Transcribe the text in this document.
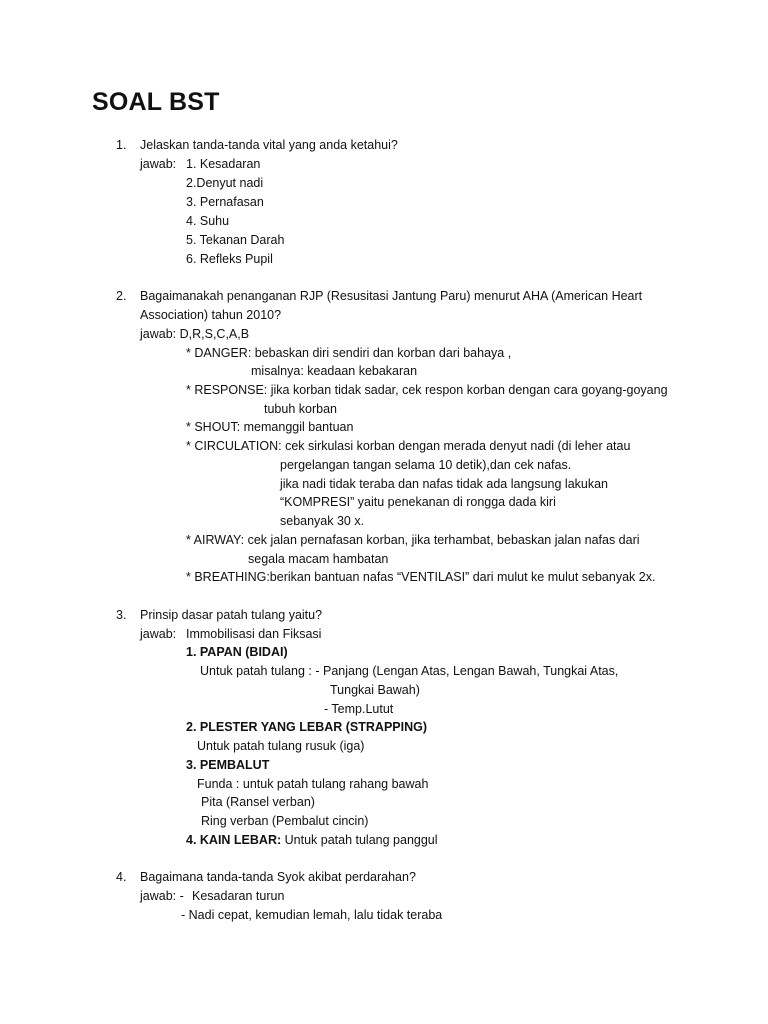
SOAL BST
1. Jelaskan tanda-tanda vital yang anda ketahui?

jawab: 1. Kesadaran

2.Denyut nadi

3. Pernafasan

4. Suhu

5. Tekanan Darah

6. Refleks Pupil

2. Bagaimanakah penanganan RJP (Resusitasi Jantung Paru) menurut AHA (American Heart

Association) tahun 2010?

jawab: D,R,S,C,A,B

* DANGER: bebaskan diri sendiri dan korban dari bahaya ,

misalnya: keadaan kebakaran

* RESPONSE: jika korban tidak sadar, cek respon korban dengan cara goyang-goyang

tubuh korban

* SHOUT: memanggil bantuan

* CIRCULATION: cek sirkulasi korban dengan merada denyut nadi (di leher atau

pergelangan tangan selama 10 detik),dan cek nafas.

jika nadi tidak teraba dan nafas tidak ada langsung lakukan

“KOMPRESI” yaitu penekanan di rongga dada kiri

sebanyak 30 x.

* AIRWAY: cek jalan pernafasan korban, jika terhambat, bebaskan jalan nafas dari

segala macam hambatan

* BREATHING:berikan bantuan nafas “VENTILASI” dari mulut ke mulut sebanyak 2x.

3. Prinsip dasar patah tulang yaitu?

jawab: Immobilisasi dan Fiksasi

1. PAPAN (BIDAI)

Untuk patah tulang : - Panjang (Lengan Atas, Lengan Bawah, Tungkai Atas,

Tungkai Bawah)

- Temp.Lutut

2. PLESTER YANG LEBAR (STRAPPING)

Untuk patah tulang rusuk (iga)

3. PEMBALUT

Funda : untuk patah tulang rahang bawah

Pita (Ransel verban)

Ring verban (Pembalut cincin)

4. KAIN LEBAR: Untuk patah tulang panggul

4. Bagaimana tanda-tanda Syok akibat perdarahan?

jawab: - Kesadaran turun

- Nadi cepat, kemudian lemah, lalu tidak teraba
